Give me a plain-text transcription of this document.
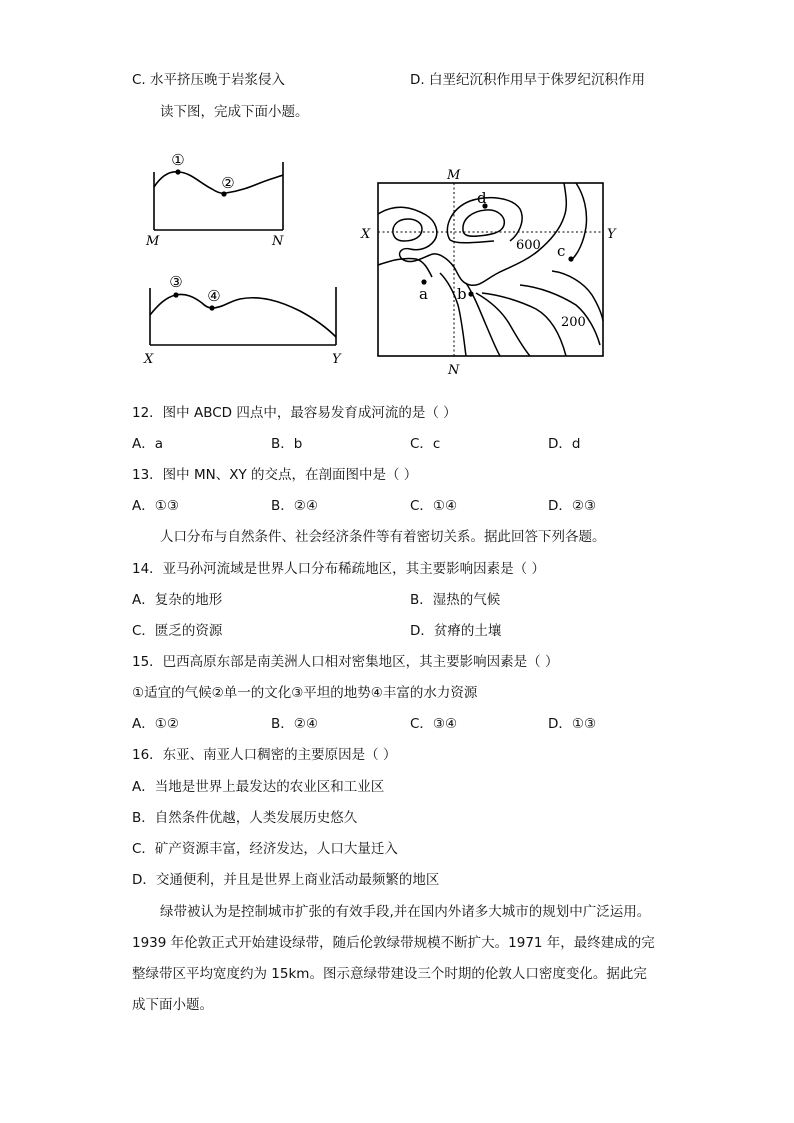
C. 水平挤压晚于岩浆侵入	D. 白垩纪沉积作用早于侏罗纪沉积作用
读下图，完成下面小题。
①
②
M	N
③
④
X	Y
d
c
a b
600
200
M
N
X	Y
12．图中 ABCD 四点中，最容易发育成河流的是（ ）
A．a	B．b	C．c	D．d
13．图中 MN、XY 的交点，在剖面图中是（ ）
A．①③	B．②④	C．①④	D．②③
人口分布与自然条件、社会经济条件等有着密切关系。据此回答下列各题。
14．亚马孙河流域是世界人口分布稀疏地区，其主要影响因素是（ ）
A．复杂的地形	B．湿热的气候
C．匮乏的资源	D．贫瘠的土壤
15．巴西高原东部是南美洲人口相对密集地区，其主要影响因素是（ ）
①适宜的气候②单一的文化③平坦的地势④丰富的水力资源
A．①②	B．②④	C．③④	D．①③
16．东亚、南亚人口稠密的主要原因是（ ）
A．当地是世界上最发达的农业区和工业区
B．自然条件优越，人类发展历史悠久
C．矿产资源丰富，经济发达，人口大量迁入
D．交通便利，并且是世界上商业活动最频繁的地区
绿带被认为是控制城市扩张的有效手段,并在国内外诸多大城市的规划中广泛运用。
1939 年伦敦正式开始建设绿带，随后伦敦绿带规模不断扩大。1971 年，最终建成的完
整绿带区平均宽度约为 15km。图示意绿带建设三个时期的伦敦人口密度变化。据此完
成下面小题。
